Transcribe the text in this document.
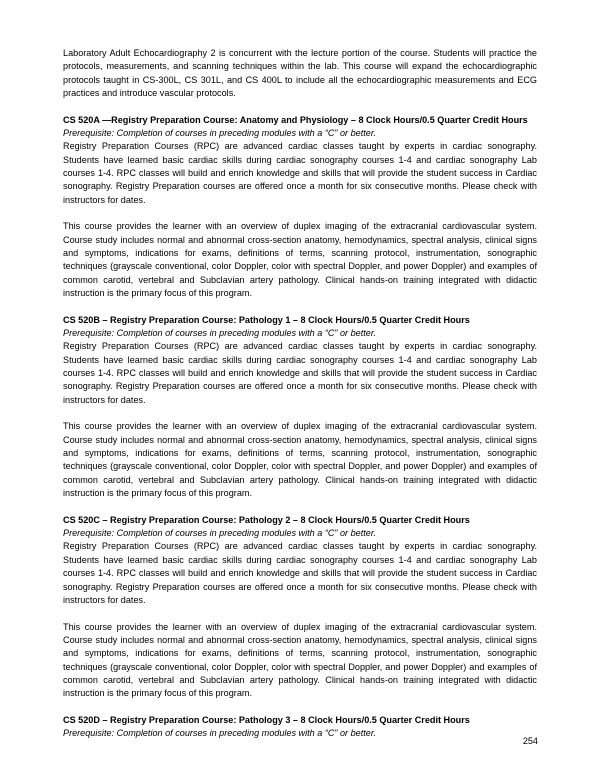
Laboratory Adult Echocardiography 2 is concurrent with the lecture portion of the course. Students will practice the protocols, measurements, and scanning techniques within the lab. This course will expand the echocardiographic protocols taught in CS-300L, CS 301L, and CS 400L to include all the echocardiographic measurements and ECG practices and introduce vascular protocols.

CS 520A —Registry Preparation Course: Anatomy and Physiology – 8 Clock Hours/0.5 Quarter Credit Hours
Prerequisite: Completion of courses in preceding modules with a “C” or better.

Registry Preparation Courses (RPC) are advanced cardiac classes taught by experts in cardiac sonography. Students have learned basic cardiac skills during cardiac sonography courses 1-4 and cardiac sonography Lab courses 1-4. RPC classes will build and enrich knowledge and skills that will provide the student success in Cardiac sonography. Registry Preparation courses are offered once a month for six consecutive months. Please check with instructors for dates.

This course provides the learner with an overview of duplex imaging of the extracranial cardiovascular system. Course study includes normal and abnormal cross-section anatomy, hemodynamics, spectral analysis, clinical signs and symptoms, indications for exams, definitions of terms, scanning protocol, instrumentation, sonographic techniques (grayscale conventional, color Doppler, color with spectral Doppler, and power Doppler) and examples of common carotid, vertebral and Subclavian artery pathology. Clinical hands-on training integrated with didactic instruction is the primary focus of this program.

CS 520B – Registry Preparation Course: Pathology 1 – 8 Clock Hours/0.5 Quarter Credit Hours
Prerequisite: Completion of courses in preceding modules with a “C” or better.

Registry Preparation Courses (RPC) are advanced cardiac classes taught by experts in cardiac sonography. Students have learned basic cardiac skills during cardiac sonography courses 1-4 and cardiac sonography Lab courses 1-4. RPC classes will build and enrich knowledge and skills that will provide the student success in Cardiac sonography. Registry Preparation courses are offered once a month for six consecutive months. Please check with instructors for dates.

This course provides the learner with an overview of duplex imaging of the extracranial cardiovascular system. Course study includes normal and abnormal cross-section anatomy, hemodynamics, spectral analysis, clinical signs and symptoms, indications for exams, definitions of terms, scanning protocol, instrumentation, sonographic techniques (grayscale conventional, color Doppler, color with spectral Doppler, and power Doppler) and examples of common carotid, vertebral and Subclavian artery pathology. Clinical hands-on training integrated with didactic instruction is the primary focus of this program.

CS 520C – Registry Preparation Course: Pathology 2 – 8 Clock Hours/0.5 Quarter Credit Hours
Prerequisite: Completion of courses in preceding modules with a “C” or better.

Registry Preparation Courses (RPC) are advanced cardiac classes taught by experts in cardiac sonography. Students have learned basic cardiac skills during cardiac sonography courses 1-4 and cardiac sonography Lab courses 1-4. RPC classes will build and enrich knowledge and skills that will provide the student success in Cardiac sonography. Registry Preparation courses are offered once a month for six consecutive months. Please check with instructors for dates.

This course provides the learner with an overview of duplex imaging of the extracranial cardiovascular system. Course study includes normal and abnormal cross-section anatomy, hemodynamics, spectral analysis, clinical signs and symptoms, indications for exams, definitions of terms, scanning protocol, instrumentation, sonographic techniques (grayscale conventional, color Doppler, color with spectral Doppler, and power Doppler) and examples of common carotid, vertebral and Subclavian artery pathology. Clinical hands-on training integrated with didactic instruction is the primary focus of this program.

CS 520D – Registry Preparation Course: Pathology 3 – 8 Clock Hours/0.5 Quarter Credit Hours
Prerequisite: Completion of courses in preceding modules with a “C” or better.
254
